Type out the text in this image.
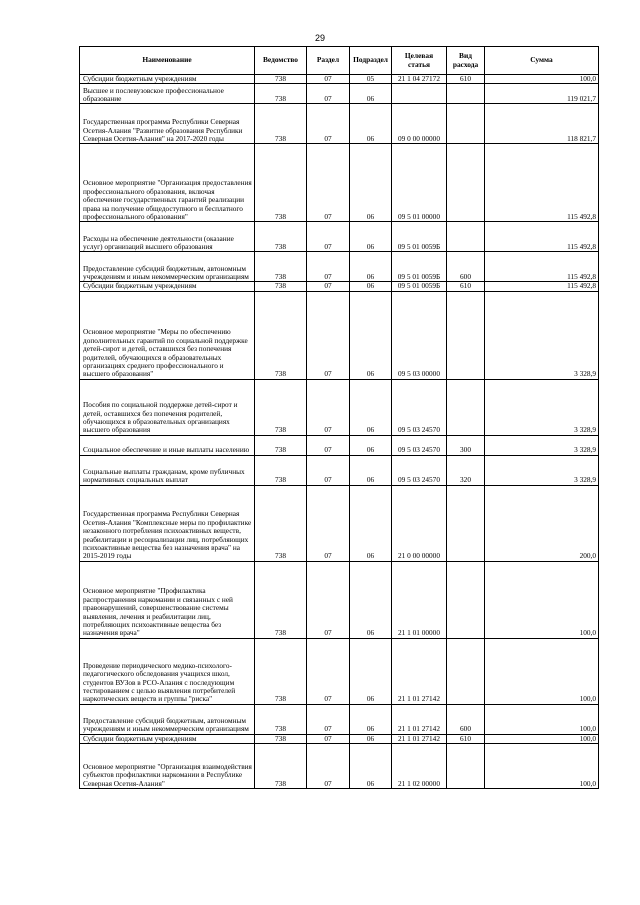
29
Наименование	Ведомство	Раздел	Подраздел	Целевая статья	Вид расхода	Сумма
Субсидии бюджетным учреждениям	738	07	05	21 1 04 27172	610	100,0
Высшее и послевузовское профессиональное образование	738	07	06			119 021,7
Государственная программа Республики Северная Осетия-Алания "Развитие образования Республики Северная Осетия-Алания" на 2017-2020 годы	738	07	06	09 0 00 00000		118 821,7
Основное мероприятие "Организация предоставления профессионального образования, включая обеспечение государственных гарантий реализации права на получение общедоступного и бесплатного профессионального образования"	738	07	06	09 5 01 00000		115 492,8
Расходы на обеспечение деятельности (оказание услуг) организаций высшего образования	738	07	06	09 5 01 0059Б		115 492,8
Предоставление субсидий бюджетным, автономным учреждениям и иным некоммерческим организациям	738	07	06	09 5 01 0059Б	600	115 492,8
Субсидии бюджетным учреждениям	738	07	06	09 5 01 0059Б	610	115 492,8
Основное мероприятие "Меры по обеспечению дополнительных гарантий по социальной поддержке детей-сирот и детей, оставшихся без попечения родителей, обучающихся в образовательных организациях среднего профессионального и высшего образования"	738	07	06	09 5 03 00000		3 328,9
Пособия по социальной поддержке детей-сирот и детей, оставшихся без попечения родителей, обучающихся в образовательных организациях высшего образования	738	07	06	09 5 03 24570		3 328,9
Социальное обеспечение и иные выплаты населению	738	07	06	09 5 03 24570	300	3 328,9
Социальные выплаты гражданам, кроме публичных нормативных социальных выплат	738	07	06	09 5 03 24570	320	3 328,9
Государственная программа Республики Северная Осетия-Алания "Комплексные меры по профилактике незаконного потребления психоактивных веществ, реабилитации и ресоциализации лиц, потребляющих психоактивные вещества без назначения врача" на 2015-2019 годы	738	07	06	21 0 00 00000		200,0
Основное мероприятие "Профилактика распространения наркомании и связанных с ней правонарушений, совершенствование системы выявления, лечения и реабилитации лиц, потребляющих психоактивные вещества без назначения врача"	738	07	06	21 1 01 00000		100,0
Проведение периодического медико-психолого-педагогического обследования учащихся школ, студентов ВУЗов в РСО-Алания с последующим тестированием с целью выявления потребителей наркотических веществ и группы "риска"	738	07	06	21 1 01 27142		100,0
Предоставление субсидий бюджетным, автономным учреждениям и иным некоммерческим организациям	738	07	06	21 1 01 27142	600	100,0
Субсидии бюджетным учреждениям	738	07	06	21 1 01 27142	610	100,0
Основное мероприятие "Организация взаимодействия субъектов профилактики наркомании в Республике Северная Осетия-Алания"	738	07	06	21 1 02 00000		100,0
